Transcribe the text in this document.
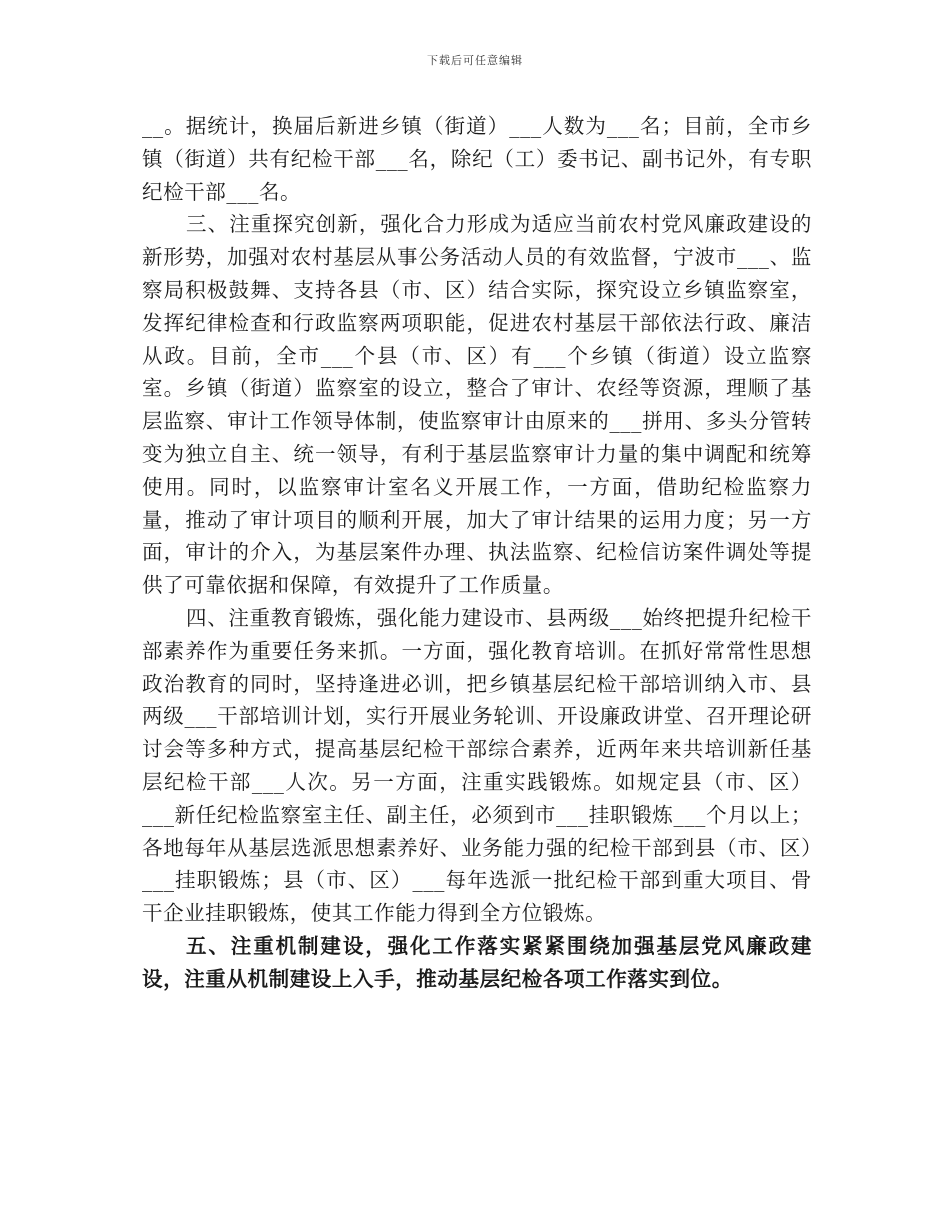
下载后可任意编辑

__。据统计，换届后新进乡镇（街道）___人数为___名；目前，全市乡镇（街道）共有纪检干部___名，除纪（工）委书记、副书记外，有专职纪检干部___名。

三、注重探究创新，强化合力形成为适应当前农村党风廉政建设的新形势，加强对农村基层从事公务活动人员的有效监督，宁波市___、监察局积极鼓舞、支持各县（市、区）结合实际，探究设立乡镇监察室，发挥纪律检查和行政监察两项职能，促进农村基层干部依法行政、廉洁从政。目前，全市___个县（市、区）有___个乡镇（街道）设立监察室。乡镇（街道）监察室的设立，整合了审计、农经等资源，理顺了基层监察、审计工作领导体制，使监察审计由原来的___拼用、多头分管转变为独立自主、统一领导，有利于基层监察审计力量的集中调配和统筹使用。同时，以监察审计室名义开展工作，一方面，借助纪检监察力量，推动了审计项目的顺利开展，加大了审计结果的运用力度；另一方面，审计的介入，为基层案件办理、执法监察、纪检信访案件调处等提供了可靠依据和保障，有效提升了工作质量。

四、注重教育锻炼，强化能力建设市、县两级___始终把提升纪检干部素养作为重要任务来抓。一方面，强化教育培训。在抓好常常性思想政治教育的同时，坚持逢进必训，把乡镇基层纪检干部培训纳入市、县两级___干部培训计划，实行开展业务轮训、开设廉政讲堂、召开理论研讨会等多种方式，提高基层纪检干部综合素养，近两年来共培训新任基层纪检干部___人次。另一方面，注重实践锻炼。如规定县（市、区）___新任纪检监察室主任、副主任，必须到市___挂职锻炼___个月以上；各地每年从基层选派思想素养好、业务能力强的纪检干部到县（市、区）___挂职锻炼；县（市、区）___每年选派一批纪检干部到重大项目、骨干企业挂职锻炼，使其工作能力得到全方位锻炼。

五、注重机制建设，强化工作落实紧紧围绕加强基层党风廉政建设，注重从机制建设上入手，推动基层纪检各项工作落实到位。
